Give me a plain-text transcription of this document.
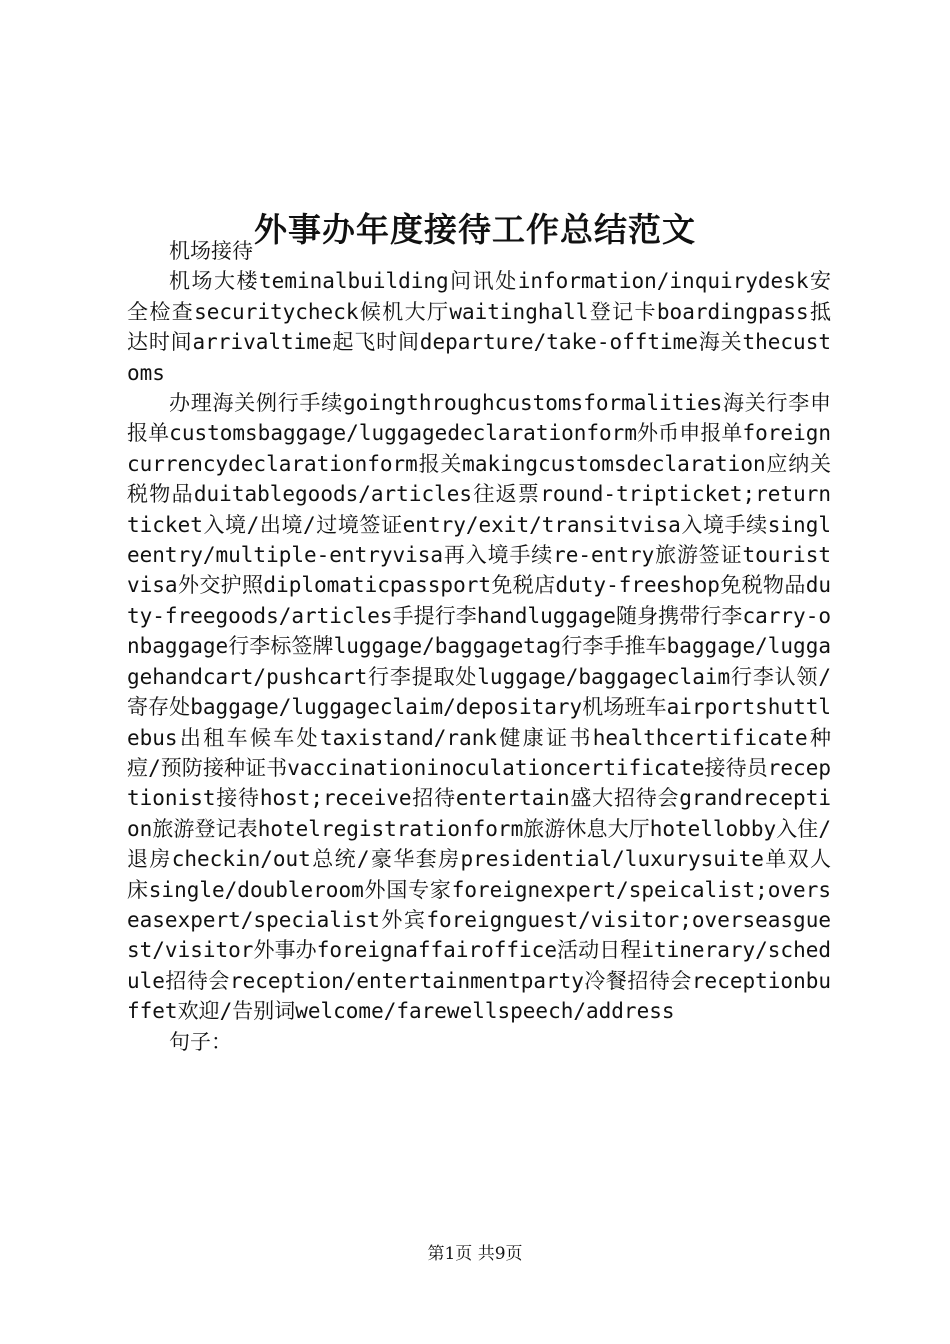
外事办年度接待工作总结范文

机场接待

机场大楼teminalbuilding问讯处information/inquirydesk安全检查securitycheck候机大厅waitinghall登记卡boardingpass抵达时间arrivaltime起飞时间departure/take-offtime海关thecustoms

办理海关例行手续goingthroughcustomsformalities海关行李申报单customsbaggage/luggagedeclarationform外币申报单foreigncurrencydeclarationform报关makingcustomsdeclaration应纳关税物品duitablegoods/articles往返票round-tripticket;returnticket入境/出境/过境签证entry/exit/transitvisa入境手续singleentry/multiple-entryvisa再入境手续re-entry旅游签证touristvisa外交护照diplomaticpassport免税店duty-freeshop免税物品duty-freegoods/articles手提行李handluggage随身携带行李carry-onbaggage行李标签牌luggage/baggagetag行李手推车baggage/luggagehandcart/pushcart行李提取处luggage/baggageclaim行李认领/寄存处baggage/luggageclaim/depositary机场班车airportshuttlebus出租车候车处taxistand/rank健康证书healthcertificate种痘/预防接种证书vaccinationinoculationcertificate接待员receptionist接待host;receive招待entertain盛大招待会grandreception旅游登记表hotelregistrationform旅游休息大厅hotellobby入住/退房checkin/out总统/豪华套房presidential/luxurysuite单双人床single/doubleroom外国专家foreignexpert/speicalist;overseasexpert/specialist外宾foreignguest/visitor;overseasguest/visitor外事办foreignaffairoffice活动日程itinerary/schedule招待会reception/entertainmentparty冷餐招待会receptionbuffet欢迎/告别词welcome/farewellspeech/address

句子：

第1页 共9页
